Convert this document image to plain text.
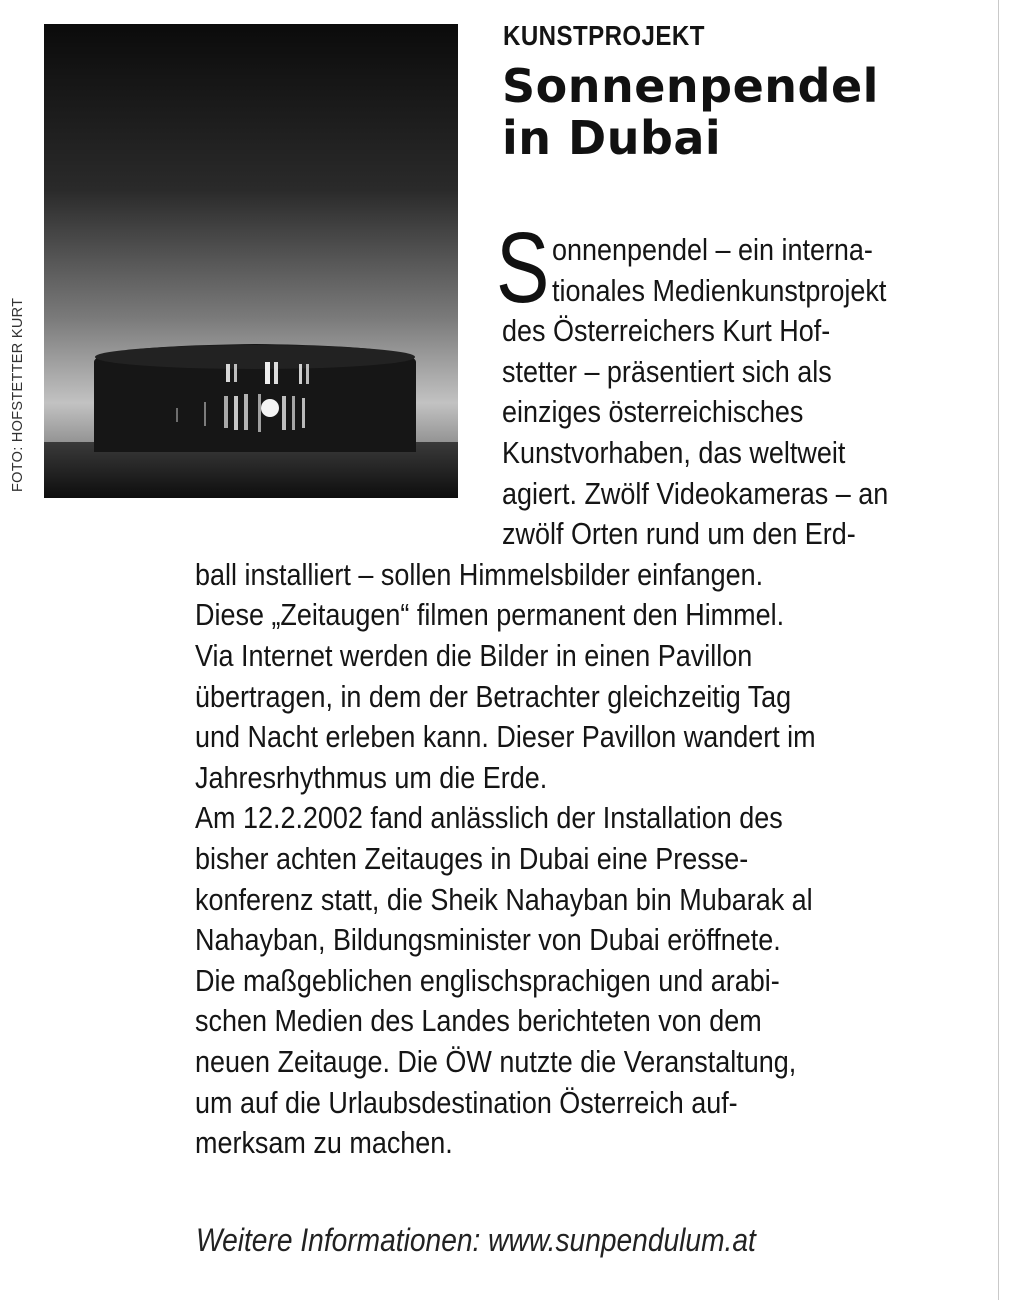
FOTO: HOFSTETTER KURT
KUNSTPROJEKT
Sonnenpendel
in Dubai
S onnenpendel – ein interna-
tionales Medienkunstprojekt
des Österreichers Kurt Hof-
stetter – präsentiert sich als
einziges österreichisches
Kunstvorhaben, das weltweit
agiert. Zwölf Videokameras – an
zwölf Orten rund um den Erd-
ball installiert – sollen Himmelsbilder einfangen.
Diese „Zeitaugen“ filmen permanent den Himmel.
Via Internet werden die Bilder in einen Pavillon
übertragen, in dem der Betrachter gleichzeitig Tag
und Nacht erleben kann. Dieser Pavillon wandert im
Jahresrhythmus um die Erde.
Am 12.2.2002 fand anlässlich der Installation des
bisher achten Zeitauges in Dubai eine Presse-
konferenz statt, die Sheik Nahayban bin Mubarak al
Nahayban, Bildungsminister von Dubai eröffnete.
Die maßgeblichen englischsprachigen und arabi-
schen Medien des Landes berichteten von dem
neuen Zeitauge. Die ÖW nutzte die Veranstaltung,
um auf die Urlaubsdestination Österreich auf-
merksam zu machen.
Weitere Informationen: www.sunpendulum.at
